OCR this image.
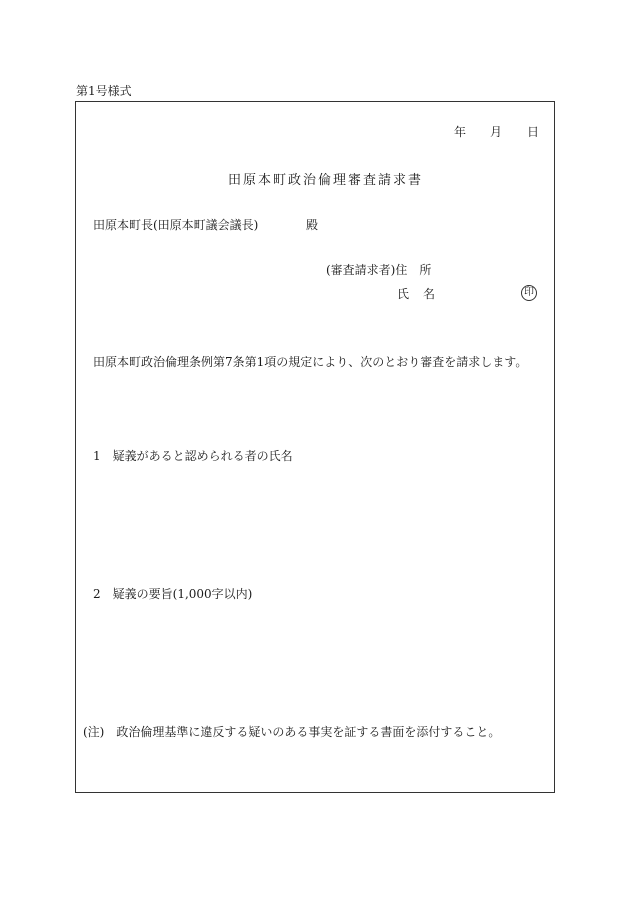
第1号様式
年 月 日
田原本町政治倫理審査請求書
田原本町長(田原本町議会議長)	殿
(審査請求者)住　所
氏名	印
田原本町政治倫理条例第7条第1項の規定により、次のとおり審査を請求します。
1　疑義があると認められる者の氏名
2　疑義の要旨(1,000字以内)
(注)　政治倫理基準に違反する疑いのある事実を証する書面を添付すること。
